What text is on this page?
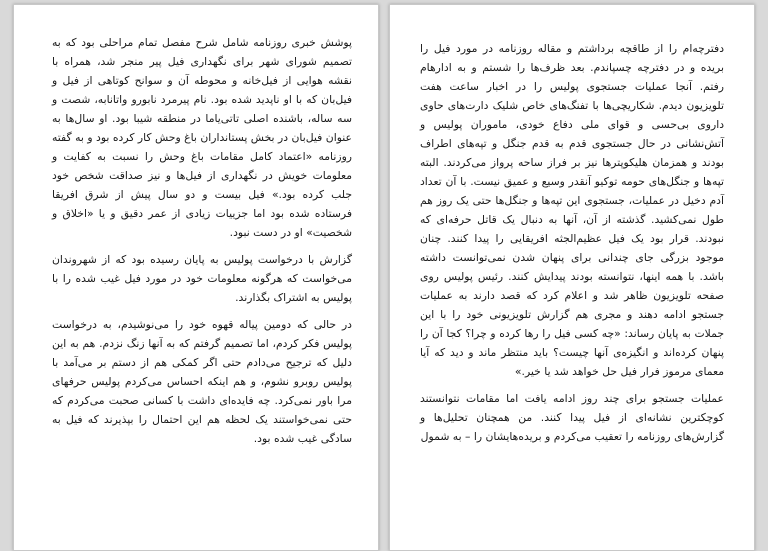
پوشش خبری روزنامه شامل شرح مفصل تمام مراحلی بود که به تصمیم شورای شهر برای نگهداری فیل پیر منجر شد، همراه با نقشه هوایی از فیل‌خانه و محوطه آن و سوانح کوتاهی از فیل و فیل‌بان که با او ناپدید شده بود. نام پیرمرد نابورو واتانابه، شصت و سه ساله، باشنده اصلی تاتی‌یاما در منطقه شیبا بود. او سال‌ها به عنوان فیل‌بان در بخش پستانداران باغ وحش کار کرده بود و به گفته روزنامه «اعتماد کامل مقامات باغ وحش را نسبت به کفایت و معلومات خویش در نگهداری از فیل‌ها و نیز صداقت شخص خود جلب کرده بود.» فیل بیست و دو سال پیش از شرق افریقا فرستاده شده بود اما جزییات زیادی از عمر دقیق و یا «اخلاق و شخصیت» او در دست نبود.

گزارش با درخواست پولیس به پایان رسیده بود که از شهروندان می‌خواست که هرگونه معلومات خود در مورد فیل غیب شده را با پولیس به اشتراک بگذارند.

در حالی که دومین پیاله قهوه خود را می‌نوشیدم، به درخواست پولیس فکر کردم، اما تصمیم گرفتم که به آنها زنگ نزدم. هم به این دلیل که ترجیح می‌دادم حتی اگر کمکی هم از دستم بر می‌آمد با پولیس روبرو نشوم، و هم اینکه احساس می‌کردم پولیس حرفهای مرا باور نمی‌کرد. چه فایده‌ای داشت با کسانی صحبت می‌کردم که حتی نمی‌خواستند یک لحظه هم این احتمال را بپذیرند که فیل به سادگی غیب شده بود.

دفترچه‌ام را از طاقچه برداشتم و مقاله روزنامه در مورد فیل را بریده و در دفترچه چسپاندم. بعد ظرف‌ها را شستم و به ادارهام رفتم. آنجا عملیات جستجوی پولیس را در اخبار ساعت هفت تلویزیون دیدم. شکاریچی‌ها با تفنگ‌های خاص شلیک دارت‌های حاوی داروی بی‌حسی و قوای ملی دفاع خودی، ماموران پولیس و آتش‌نشانی در حال جستجوی قدم به قدم جنگل و تپه‌های اطراف بودند و همزمان هلیکوپترها نیز بر فراز ساحه پرواز می‌کردند. البته تپه‌ها و جنگل‌های حومه توکیو آنقدر وسیع و عمیق نیست. با آن تعداد آدم دخیل در عملیات، جستجوی این تپه‌ها و جنگل‌ها حتی یک روز هم طول نمی‌کشید. گذشته از آن، آنها به دنبال یک قاتل حرفه‌ای که نبودند. قرار بود یک فیل عظیم‌الجثه افریقایی را پیدا کنند. چنان موجود بزرگی جای چندانی برای پنهان شدن نمی‌توانست داشته باشد. با همه اینها، نتوانسته بودند پیدایش کنند. رئیس پولیس روی صفحه تلویزیون ظاهر شد و اعلام کرد که قصد دارند به عملیات جستجو ادامه دهند و مجری هم گزارش تلویزیونی خود را با این جملات به پایان رساند: «چه کسی فیل را رها کرده و چرا؟ کجا آن را پنهان کرده‌اند و انگیزه‌ی آنها چیست؟ باید منتظر ماند و دید که آیا معمای مرموز فرار فیل حل خواهد شد یا خیر.»

عملیات جستجو برای چند روز ادامه یافت اما مقامات نتوانستند کوچکترین نشانه‌ای از فیل پیدا کنند. من همچنان تحلیل‌ها و گزارش‌های روزنامه را تعقیب می‌کردم و بریده‌هایشان را – به شمول
